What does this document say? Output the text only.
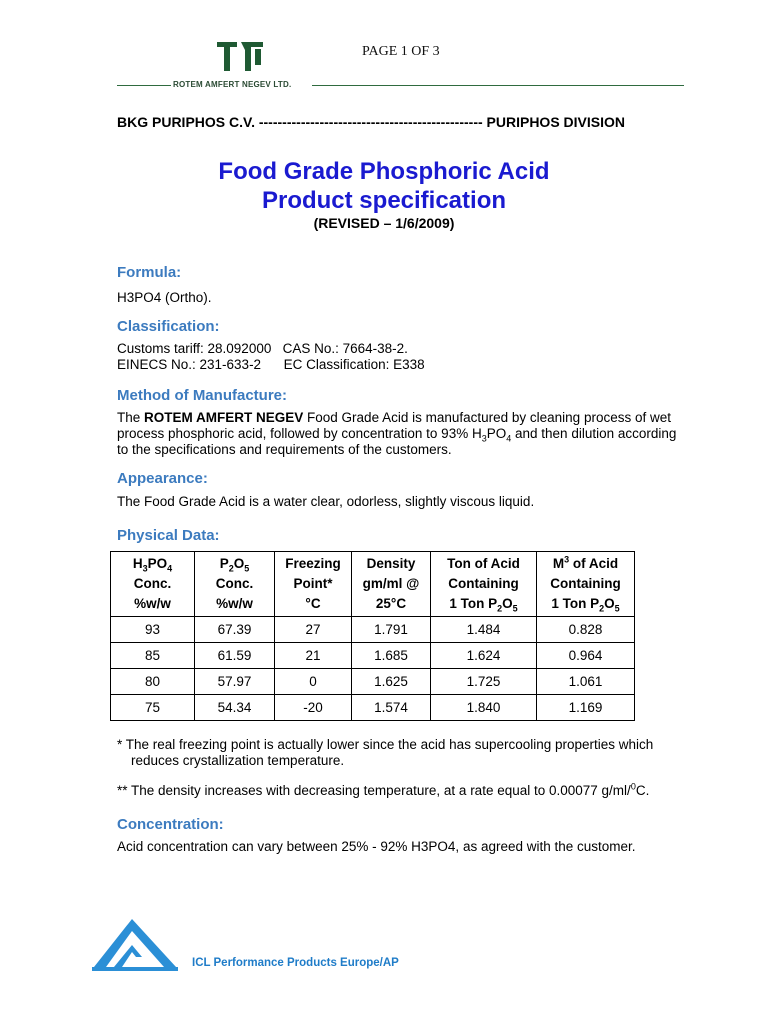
ROTEM AMFERT NEGEV LTD.
PAGE 1 OF 3
BKG PURIPHOS C.V. ------------------------------------------------ PURIPHOS DIVISION
Food Grade Phosphoric Acid
Product specification
(REVISED – 1/6/2009)
Formula:
H3PO4 (Ortho).
Classification:
Customs tariff: 28.092000   CAS No.: 7664-38-2.
EINECS No.: 231-633-2      EC Classification: E338
Method of Manufacture:
The ROTEM AMFERT NEGEV Food Grade Acid is manufactured by cleaning process of wet process phosphoric acid, followed by concentration to 93% $H_3PO_4$ and then dilution according to the specifications and requirements of the customers.
Appearance:
The Food Grade Acid is a water clear, odorless, slightly viscous liquid.
Physical Data:
$H_3PO_4$
Conc.
%w/w	$P_2O_5$
Conc.
%w/w	Freezing
Point*
°C	Density
gm/ml @
25°C	Ton of Acid
Containing
1 Ton $P_2O_5$	$M^3$ of Acid
Containing
1 Ton $P_2O_5$
93	67.39	27	1.791	1.484	0.828
85	61.59	21	1.685	1.624	0.964
80	57.97	0	1.625	1.725	1.061
75	54.34	-20	1.574	1.840	1.169
* The real freezing point is actually lower since the acid has supercooling properties which
reduces crystallization temperature.
** The density increases with decreasing temperature, at a rate equal to 0.00077 g/ml/$^0$C.
Concentration:
Acid concentration can vary between 25% - 92% H3PO4, as agreed with the customer.
ICL Performance Products Europe/AP
